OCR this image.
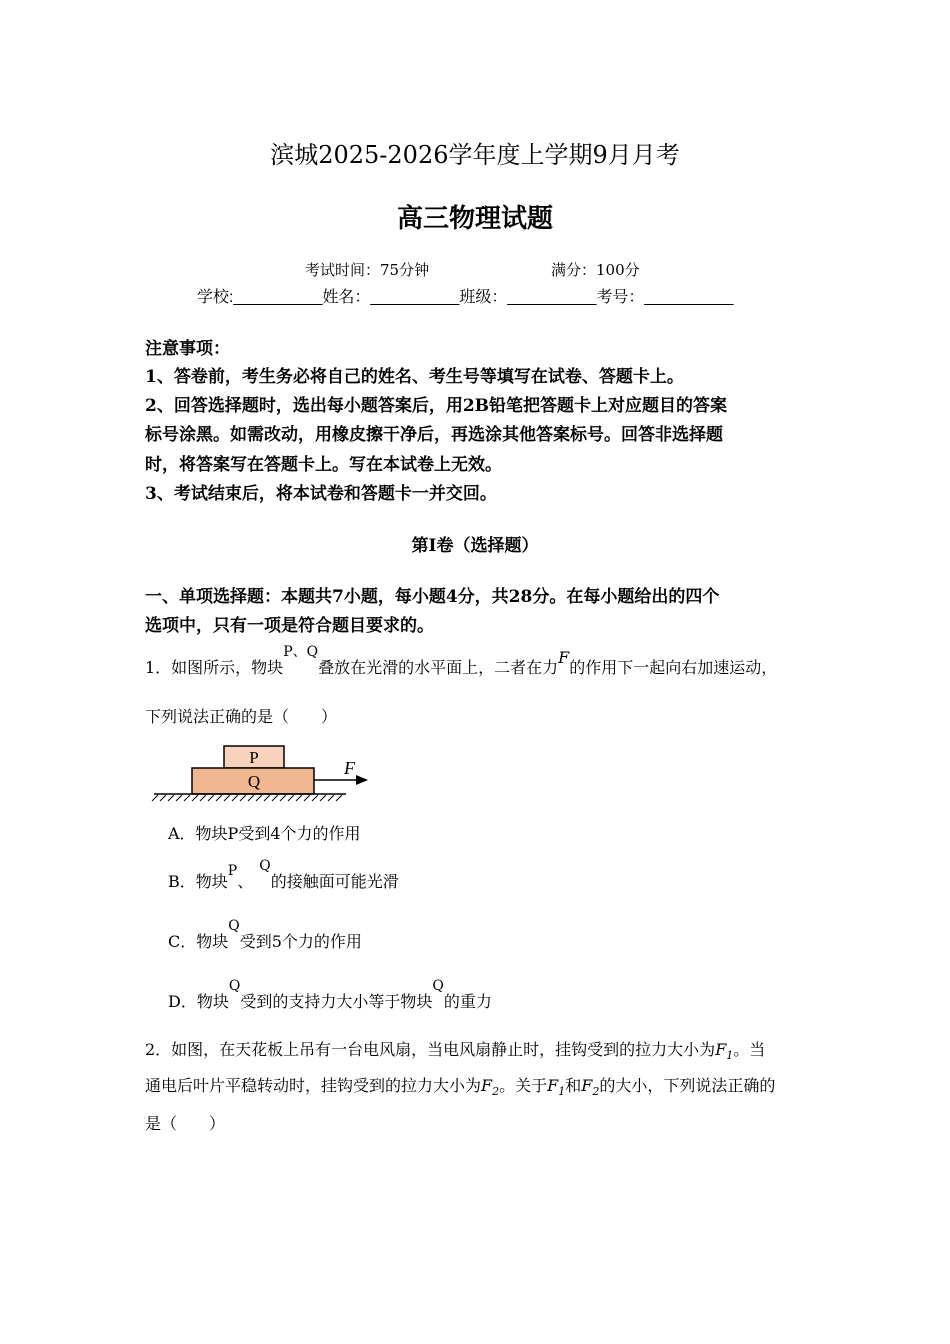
滨城2025-2026学年度上学期9月月考
高三物理试题
考试时间：75分钟	满分：100分
学校:__________姓名：__________班级：__________考号：__________
注意事项：
1、答卷前，考生务必将自己的姓名、考生号等填写在试卷、答题卡上。
2、回答选择题时，选出每小题答案后，用2B铅笔把答题卡上对应题目的答案
标号涂黑。如需改动，用橡皮擦干净后，再选涂其他答案标号。回答非选择题
时，将答案写在答题卡上。写在本试卷上无效。
3、考试结束后，将本试卷和答题卡一并交回。
第Ⅰ卷（选择题）
一、单项选择题：本题共7小题，每小题4分，共28分。在每小题给出的四个
选项中，只有一项是符合题目要求的。
1．如图所示，物块P、Q叠放在光滑的水平面上，二者在力F的作用下一起向右加速运动，
下列说法正确的是（　　）
P
Q
F
A．物块P受到4个力的作用
B．物块P、Q的接触面可能光滑
C．物块Q受到5个力的作用
D．物块Q受到的支持力大小等于物块Q的重力
2．如图，在天花板上吊有一台电风扇，当电风扇静止时，挂钩受到的拉力大小为$F_1$。当
通电后叶片平稳转动时，挂钩受到的拉力大小为$F_2$。关于$F_1$和$F_2$的大小，下列说法正确的
是（　　）
